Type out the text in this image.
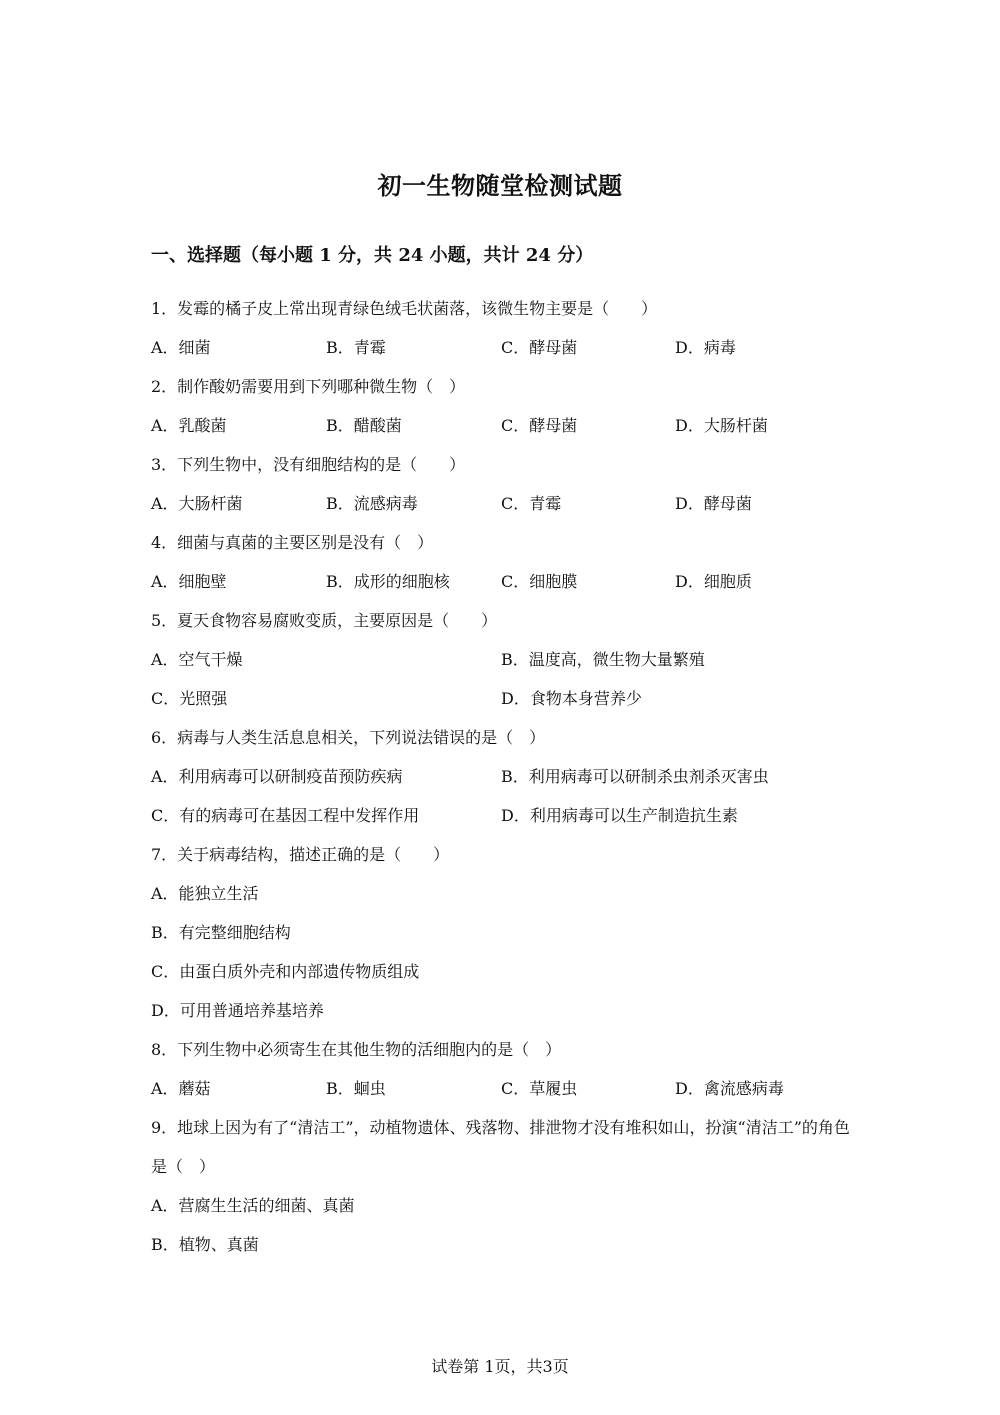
初一生物随堂检测试题
一、选择题（每小题 1 分，共 24 小题，共计 24 分）
1．发霉的橘子皮上常出现青绿色绒毛状菌落，该微生物主要是（　　）
A．细菌	B．青霉	C．酵母菌	D．病毒
2．制作酸奶需要用到下列哪种微生物（　）
A．乳酸菌	B．醋酸菌	C．酵母菌	D．大肠杆菌
3．下列生物中，没有细胞结构的是（　　）
A．大肠杆菌	B．流感病毒	C．青霉	D．酵母菌
4．细菌与真菌的主要区别是没有（　）
A．细胞壁	B．成形的细胞核	C．细胞膜	D．细胞质
5．夏天食物容易腐败变质，主要原因是（　　）
A．空气干燥	B．温度高，微生物大量繁殖
C．光照强	D．食物本身营养少
6．病毒与人类生活息息相关，下列说法错误的是（　）
A．利用病毒可以研制疫苗预防疾病	B．利用病毒可以研制杀虫剂杀灭害虫
C．有的病毒可在基因工程中发挥作用	D．利用病毒可以生产制造抗生素
7．关于病毒结构，描述正确的是（　　）
A．能独立生活
B．有完整细胞结构
C．由蛋白质外壳和内部遗传物质组成
D．可用普通培养基培养
8．下列生物中必须寄生在其他生物的活细胞内的是（　）
A．蘑菇	B．蛔虫	C．草履虫	D．禽流感病毒
9．地球上因为有了“清洁工”，动植物遗体、残落物、排泄物才没有堆积如山，扮演“清洁工”的角色是（　）
A．营腐生生活的细菌、真菌
B．植物、真菌
试卷第 1页，共3页
